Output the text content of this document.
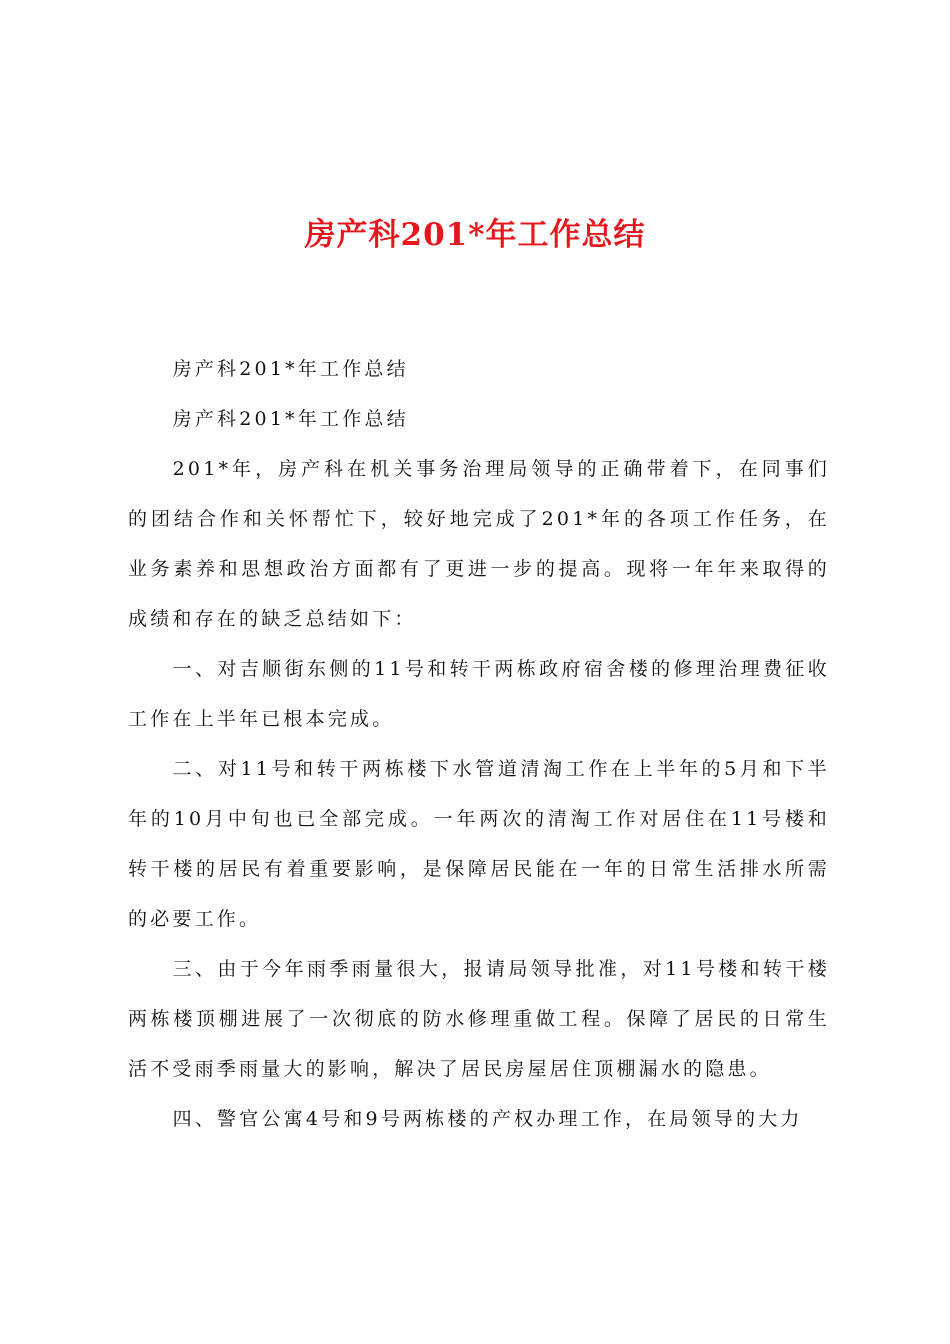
房产科201*年工作总结

房产科201*年工作总结

房产科201*年工作总结

201*年，房产科在机关事务治理局领导的正确带着下，在同事们的团结合作和关怀帮忙下，较好地完成了201*年的各项工作任务，在业务素养和思想政治方面都有了更进一步的提高。现将一年年来取得的成绩和存在的缺乏总结如下：

一、对吉顺街东侧的11号和转干两栋政府宿舍楼的修理治理费征收工作在上半年已根本完成。

二、对11号和转干两栋楼下水管道清淘工作在上半年的5月和下半年的10月中旬也已全部完成。一年两次的清淘工作对居住在11号楼和转干楼的居民有着重要影响，是保障居民能在一年的日常生活排水所需的必要工作。

三、由于今年雨季雨量很大，报请局领导批准，对11号楼和转干楼两栋楼顶棚进展了一次彻底的防水修理重做工程。保障了居民的日常生活不受雨季雨量大的影响，解决了居民房屋居住顶棚漏水的隐患。

四、警官公寓4号和9号两栋楼的产权办理工作，在局领导的大力
